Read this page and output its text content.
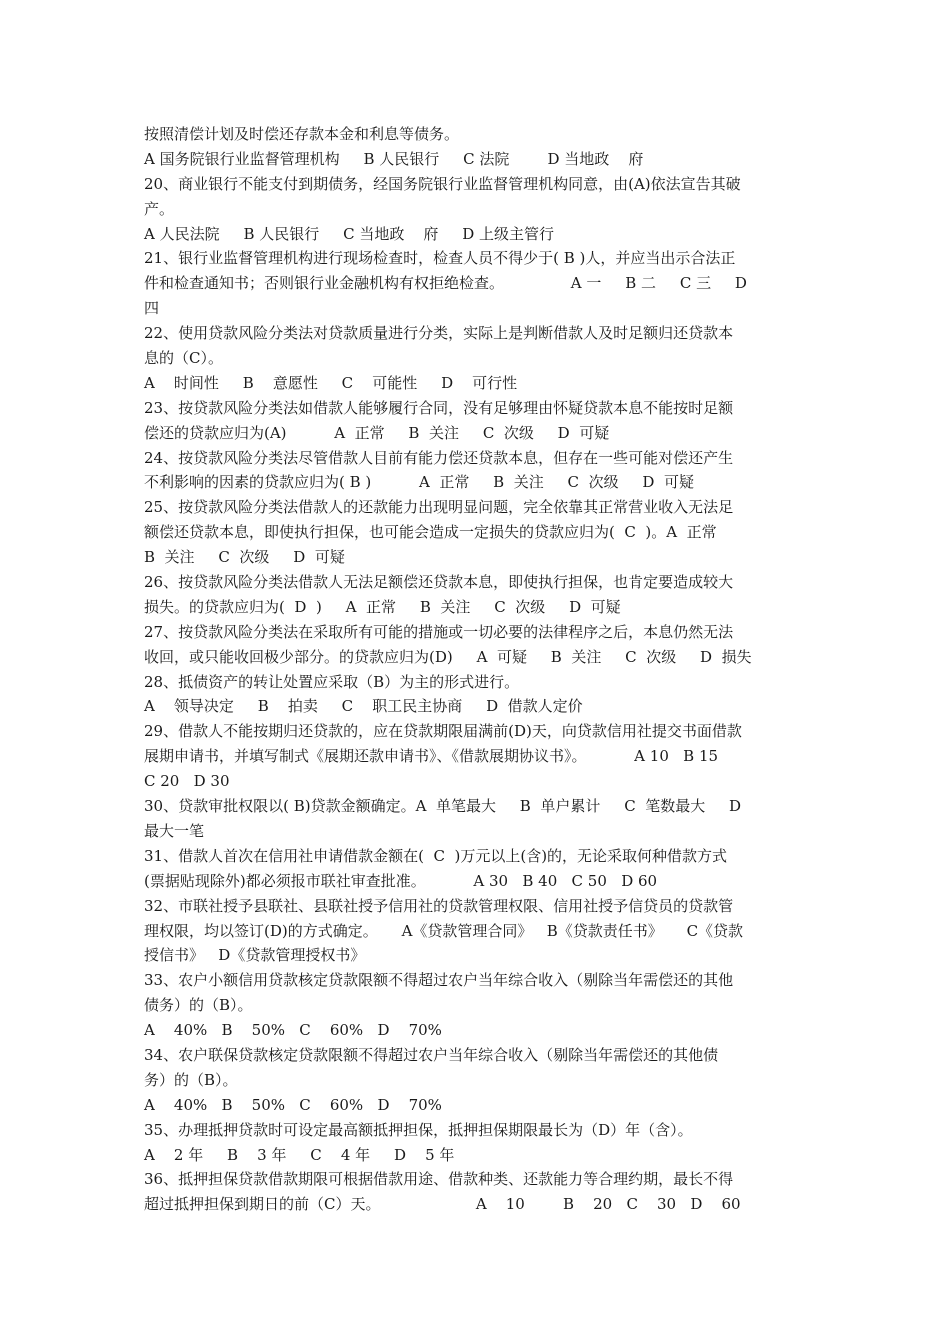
按照清偿计划及时偿还存款本金和利息等债务。
A 国务院银行业监督管理机构     B 人民银行     C 法院        D 当地政    府
20、商业银行不能支付到期债务，经国务院银行业监督管理机构同意，由(A)依法宣告其破
产。
A 人民法院     B 人民银行     C 当地政    府     D 上级主管行
21、银行业监督管理机构进行现场检查时，检查人员不得少于( B )人，并应当出示合法正
件和检查通知书；否则银行业金融机构有权拒绝检查。              A 一     B 二     C 三     D
四
22、使用贷款风险分类法对贷款质量进行分类，实际上是判断借款人及时足额归还贷款本
息的（C）。
A    时间性     B    意愿性     C    可能性     D    可行性
23、按贷款风险分类法如借款人能够履行合同，没有足够理由怀疑贷款本息不能按时足额
偿还的贷款应归为(A)          A  正常     B  关注     C  次级     D  可疑
24、按贷款风险分类法尽管借款人目前有能力偿还贷款本息，但存在一些可能对偿还产生
不利影响的因素的贷款应归为( B )          A  正常     B  关注     C  次级     D  可疑
25、按贷款风险分类法借款人的还款能力出现明显问题，完全依靠其正常营业收入无法足
额偿还贷款本息，即使执行担保，也可能会造成一定损失的贷款应归为(  C  )。A  正常
B  关注     C  次级     D  可疑
26、按贷款风险分类法借款人无法足额偿还贷款本息，即使执行担保，也肯定要造成较大
损失。的贷款应归为(  D  )     A  正常     B  关注     C  次级     D  可疑
27、按贷款风险分类法在采取所有可能的措施或一切必要的法律程序之后，本息仍然无法
收回，或只能收回极少部分。的贷款应归为(D)     A  可疑     B  关注     C  次级     D  损失
28、抵债资产的转让处置应采取（B）为主的形式进行。
A    领导决定     B    拍卖     C    职工民主协商     D  借款人定价
29、借款人不能按期归还贷款的，应在贷款期限届满前(D)天，向贷款信用社提交书面借款
展期申请书，并填写制式《展期还款申请书》、《借款展期协议书》。          A 10   B 15
C 20   D 30
30、贷款审批权限以( B)贷款金额确定。A  单笔最大     B  单户累计     C  笔数最大     D
最大一笔
31、借款人首次在信用社申请借款金额在(  C  )万元以上(含)的，无论采取何种借款方式
(票据贴现除外)都必须报市联社审查批准。          A 30   B 40   C 50   D 60
32、市联社授予县联社、县联社授予信用社的贷款管理权限、信用社授予信贷员的贷款管
理权限，均以签订(D)的方式确定。     A《贷款管理合同》   B《贷款责任书》     C《贷款
授信书》   D《贷款管理授权书》
33、农户小额信用贷款核定贷款限额不得超过农户当年综合收入（剔除当年需偿还的其他
债务）的（B）。
A    40%   B    50%   C    60%   D    70%
34、农户联保贷款核定贷款限额不得超过农户当年综合收入（剔除当年需偿还的其他债
务）的（B）。
A    40%   B    50%   C    60%   D    70%
35、办理抵押贷款时可设定最高额抵押担保，抵押担保期限最长为（D）年（含）。
A    2 年     B    3 年     C    4 年     D    5 年
36、抵押担保贷款借款期限可根据借款用途、借款种类、还款能力等合理约期，最长不得
超过抵押担保到期日的前（C）天。                    A    10        B    20   C    30   D    60
